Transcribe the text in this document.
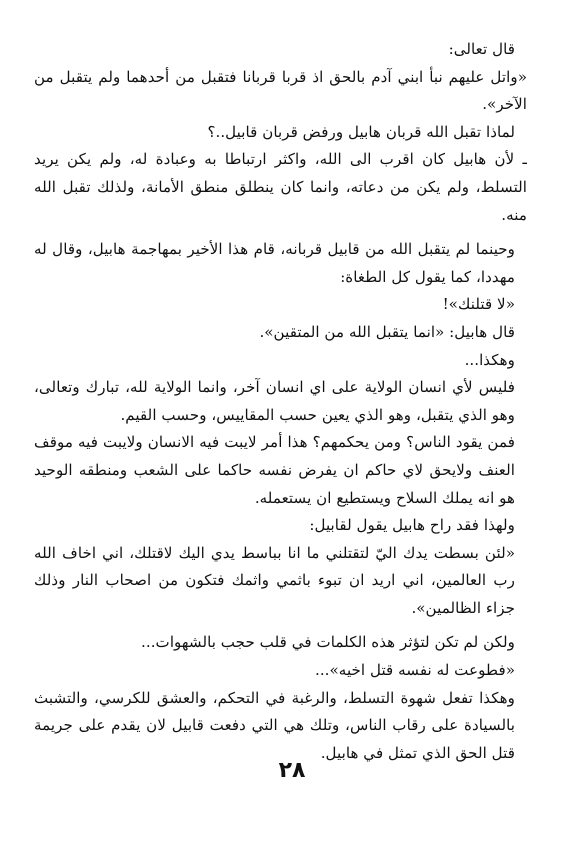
قال تعالى:

«واتل عليهم نبأ ابني آدم بالحق اذ قربا قربانا فتقبل من أحدهما ولم يتقبل من الآخر».

لماذا تقبل الله قربان هابيل ورفض قربان قابيل..؟

ـ لأن هابيل كان اقرب الى الله، واكثر ارتباطا به وعبادة له، ولم يكن يريد التسلط، ولم يكن من دعاته، وانما كان ينطلق منطق الأمانة، ولذلك تقبل الله منه.

وحينما لم يتقبل الله من قابيل قربانه، قام هذا الأخير بمهاجمة هابيل، وقال له مهددا، كما يقول كل الطغاة:

«لا قتلنك»!

قال هابيل: «انما يتقبل الله من المتقين».

وهكذا...

فليس لأي انسان الولاية على اي انسان آخر، وانما الولاية لله، تبارك وتعالى، وهو الذي يتقبل، وهو الذي يعين حسب المقاييس، وحسب القيم.

فمن يقود الناس؟ ومن يحكمهم؟ هذا أمر لايبت فيه الانسان ولايبت فيه موقف العنف ولايحق لاي حاكم ان يفرض نفسه حاكما على الشعب ومنطقه الوحيد هو انه يملك السلاح ويستطيع ان يستعمله.

ولهذا فقد راح هابيل يقول لقابيل:

«لئن بسطت يدك اليّ لتقتلني ما انا بباسط يدي اليك لاقتلك، اني اخاف الله رب العالمين، اني اريد ان تبوء باثمي واثمك فتكون من اصحاب النار وذلك جزاء الظالمين».

ولكن لم تكن لتؤثر هذه الكلمات في قلب حجب بالشهوات...

«فطوعت له نفسه قتل اخيه»...

وهكذا تفعل شهوة التسلط، والرغبة في التحكم، والعشق للكرسي، والتشبث بالسيادة على رقاب الناس، وتلك هي التي دفعت قابيل لان يقدم على جريمة قتل الحق الذي تمثل في هابيل.

٢٨
